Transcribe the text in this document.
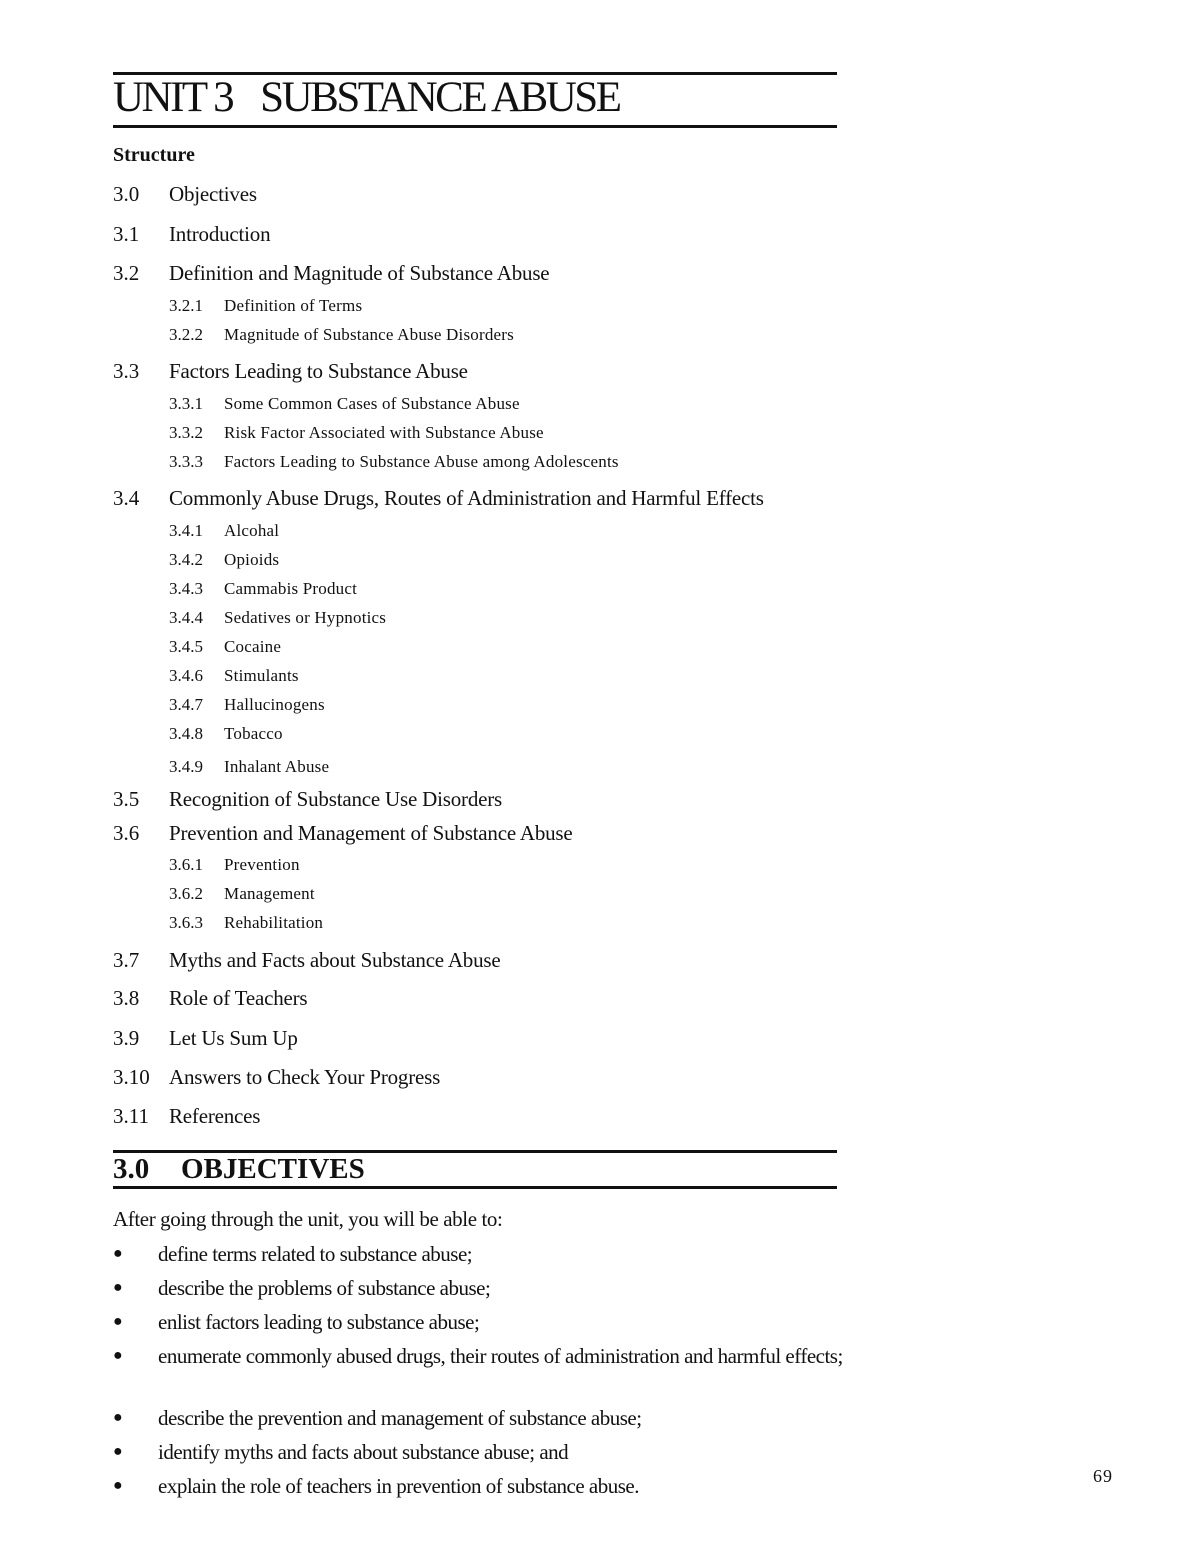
UNIT 3 SUBSTANCE ABUSE
Structure
3.0 Objectives
3.1 Introduction
3.2 Definition and Magnitude of Substance Abuse
3.2.1 Definition of Terms
3.2.2 Magnitude of Substance Abuse Disorders
3.3 Factors Leading to Substance Abuse
3.3.1 Some Common Cases of Substance Abuse
3.3.2 Risk Factor Associated with Substance Abuse
3.3.3 Factors Leading to Substance Abuse among Adolescents
3.4 Commonly Abuse Drugs, Routes of Administration and Harmful Effects
3.4.1 Alcohal
3.4.2 Opioids
3.4.3 Cammabis Product
3.4.4 Sedatives or Hypnotics
3.4.5 Cocaine
3.4.6 Stimulants
3.4.7 Hallucinogens
3.4.8 Tobacco
3.4.9 Inhalant Abuse
3.5 Recognition of Substance Use Disorders
3.6 Prevention and Management of Substance Abuse
3.6.1 Prevention
3.6.2 Management
3.6.3 Rehabilitation
3.7 Myths and Facts about Substance Abuse
3.8 Role of Teachers
3.9 Let Us Sum Up
3.10 Answers to Check Your Progress
3.11 References
3.0 OBJECTIVES
After going through the unit, you will be able to:
● define terms related to substance abuse;
● describe the problems of substance abuse;
● enlist factors leading to substance abuse;
● enumerate commonly abused drugs, their routes of administration and harmful effects;
● describe the prevention and management of substance abuse;
● identify myths and facts about substance abuse; and
● explain the role of teachers in prevention of substance abuse.	69
